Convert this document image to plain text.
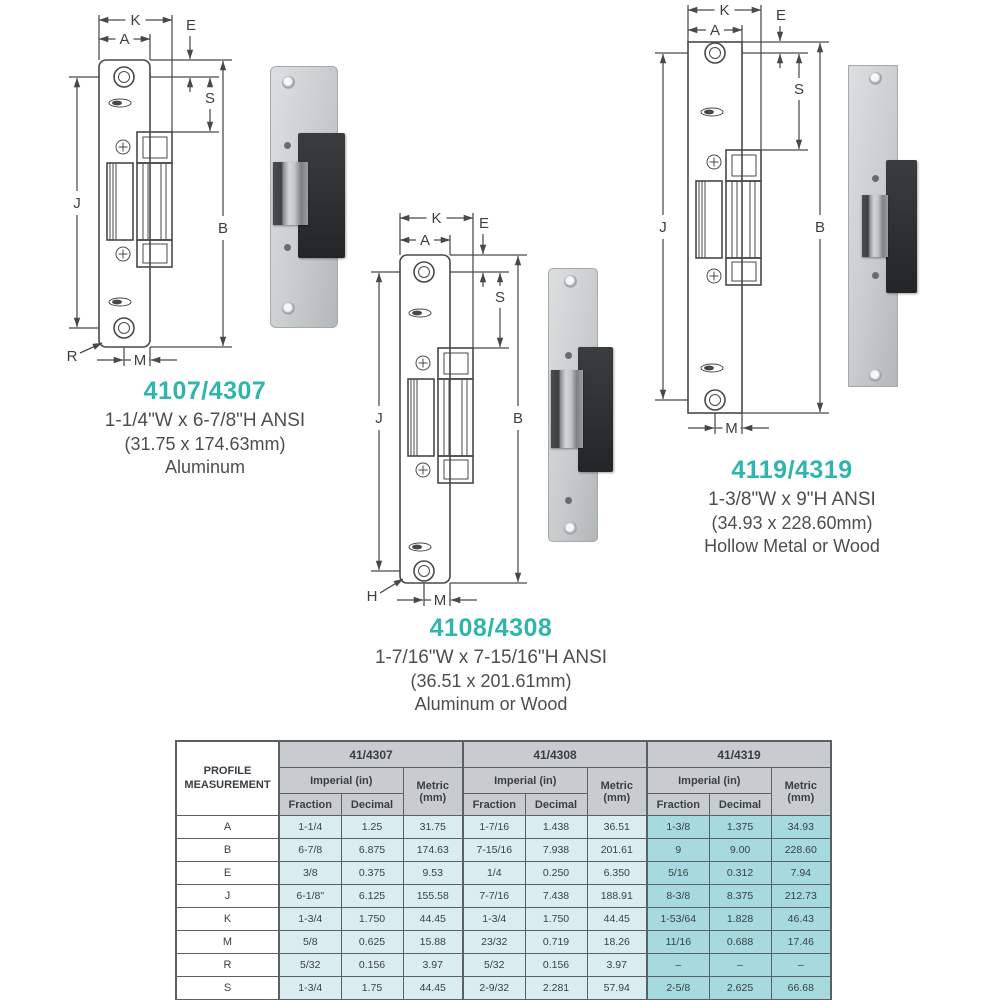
K
A
E
S
B
J
M
R
K
A
E
S
B
J
M
H
K
A
E
S
B
J
M
4107/4307
1-1/4"W x 6-7/8"H ANSI
(31.75 x 174.63mm)
Aluminum
4108/4308
1-7/16"W x 7-15/16"H ANSI
(36.51 x 201.61mm)
Aluminum or Wood
4119/4319
1-3/8"W x 9"H ANSI
(34.93 x 228.60mm)
Hollow Metal or Wood
PROFILE MEASUREMENT	41/4307			41/4308			41/4319		
	Imperial (in)		Metric (mm)	Imperial (in)		Metric (mm)	Imperial (in)		Metric (mm)
	Fraction	Decimal		Fraction	Decimal		Fraction	Decimal	
A	1-1/4	1.25	31.75	1-7/16	1.438	36.51	1-3/8	1.375	34.93
B	6-7/8	6.875	174.63	7-15/16	7.938	201.61	9	9.00	228.60
E	3/8	0.375	9.53	1/4	0.250	6.350	5/16	0.312	7.94
J	6-1/8"	6.125	155.58	7-7/16	7.438	188.91	8-3/8	8.375	212.73
K	1-3/4	1.750	44.45	1-3/4	1.750	44.45	1-53/64	1.828	46.43
M	5/8	0.625	15.88	23/32	0.719	18.26	11/16	0.688	17.46
R	5/32	0.156	3.97	5/32	0.156	3.97	–	–	–
S	1-3/4	1.75	44.45	2-9/32	2.281	57.94	2-5/8	2.625	66.68
